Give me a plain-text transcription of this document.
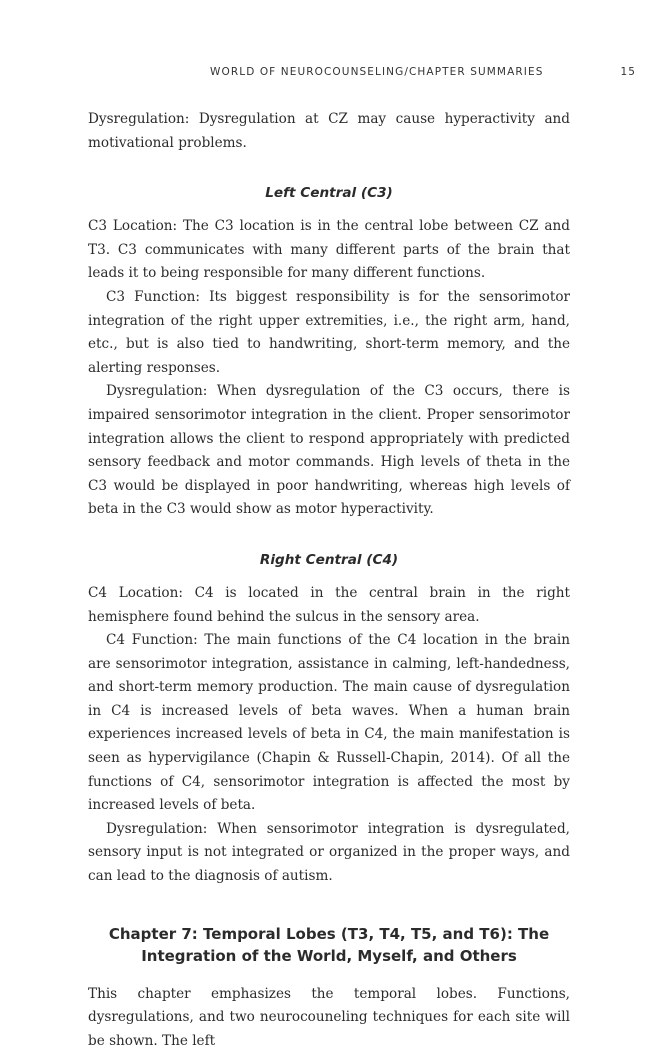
WORLD OF NEUROCOUNSELING/CHAPTER SUMMARIES	15

Dysregulation: Dysregulation at CZ may cause hyperactivity and motivational problems.

Left Central (C3)

C3 Location: The C3 location is in the central lobe between CZ and T3. C3 communicates with many different parts of the brain that leads it to being responsible for many different functions.

C3 Function: Its biggest responsibility is for the sensorimotor integration of the right upper extremities, i.e., the right arm, hand, etc., but is also tied to handwriting, short-term memory, and the alerting responses.

Dysregulation: When dysregulation of the C3 occurs, there is impaired sensorimotor integration in the client. Proper sensorimotor integration allows the client to respond appropriately with predicted sensory feedback and motor commands. High levels of theta in the C3 would be displayed in poor handwriting, whereas high levels of beta in the C3 would show as motor hyperactivity.

Right Central (C4)

C4 Location: C4 is located in the central brain in the right hemisphere found behind the sulcus in the sensory area.

C4 Function: The main functions of the C4 location in the brain are sensorimotor integration, assistance in calming, left-handedness, and short-term memory production. The main cause of dysregulation in C4 is increased levels of beta waves. When a human brain experiences increased levels of beta in C4, the main manifestation is seen as hypervigilance (Chapin & Russell-Chapin, 2014). Of all the functions of C4, sensorimotor integration is affected the most by increased levels of beta.

Dysregulation: When sensorimotor integration is dysregulated, sensory input is not integrated or organized in the proper ways, and can lead to the diagnosis of autism.

Chapter 7: Temporal Lobes (T3, T4, T5, and T6): The
Integration of the World, Myself, and Others

This chapter emphasizes the temporal lobes. Functions, dysregulations, and two neurocouneling techniques for each site will be shown. The left
